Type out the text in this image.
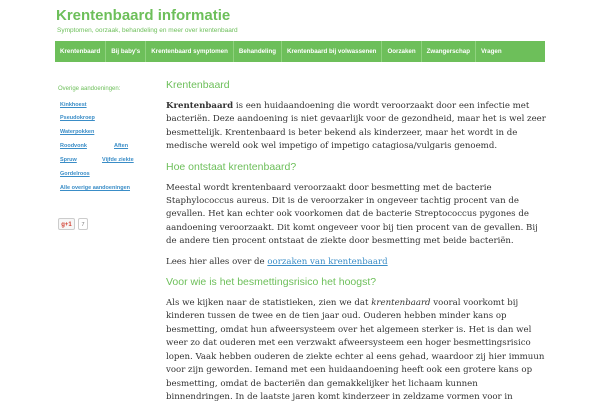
Krentenbaard informatie
Symptomen, oorzaak, behandeling en meer over krentenbaard
Krentenbaard	Bij baby's	Krentenbaard symptomen	Behandeling	Krentenbaard bij volwassenen	Oorzaken	Zwangerschap	Vragen
Overige aandoeningen:
Kinkhoest
Pseudokroep
Waterpokken
Roodvonk	Aften
Spruw	Vijfde ziekte
Gordelroos
Alle overige aandoeningen
g+1	7
Krentenbaard

Krentenbaard is een huidaandoening die wordt veroorzaakt door een infectie met bacteriën. Deze aandoening is niet gevaarlijk voor de gezondheid, maar het is wel zeer besmettelijk. Krentenbaard is beter bekend als kinderzeer, maar het wordt in de medische wereld ook wel impetigo of impetigo catagiosa/vulgaris genoemd.

Hoe ontstaat krentenbaard?

Meestal wordt krentenbaard veroorzaakt door besmetting met de bacterie Staphylococcus aureus. Dit is de veroorzaker in ongeveer tachtig procent van de gevallen. Het kan echter ook voorkomen dat de bacterie Streptococcus pygones de aandoening veroorzaakt. Dit komt ongeveer voor bij tien procent van de gevallen. Bij de andere tien procent ontstaat de ziekte door besmetting met beide bacteriën.

Lees hier alles over de oorzaken van krentenbaard

Voor wie is het besmettingsrisico het hoogst?

Als we kijken naar de statistieken, zien we dat krentenbaard vooral voorkomt bij kinderen tussen de twee en de tien jaar oud. Ouderen hebben minder kans op besmetting, omdat hun afweersysteem over het algemeen sterker is. Het is dan wel weer zo dat ouderen met een verzwakt afweersysteem een hoger besmettingsrisico lopen. Vaak hebben ouderen de ziekte echter al eens gehad, waardoor zij hier immuun voor zijn geworden. Iemand met een huidaandoening heeft ook een grotere kans op besmetting, omdat de bacteriën dan gemakkelijker het lichaam kunnen binnendringen. In de laatste jaren komt kinderzeer in zeldzame vormen voor in
